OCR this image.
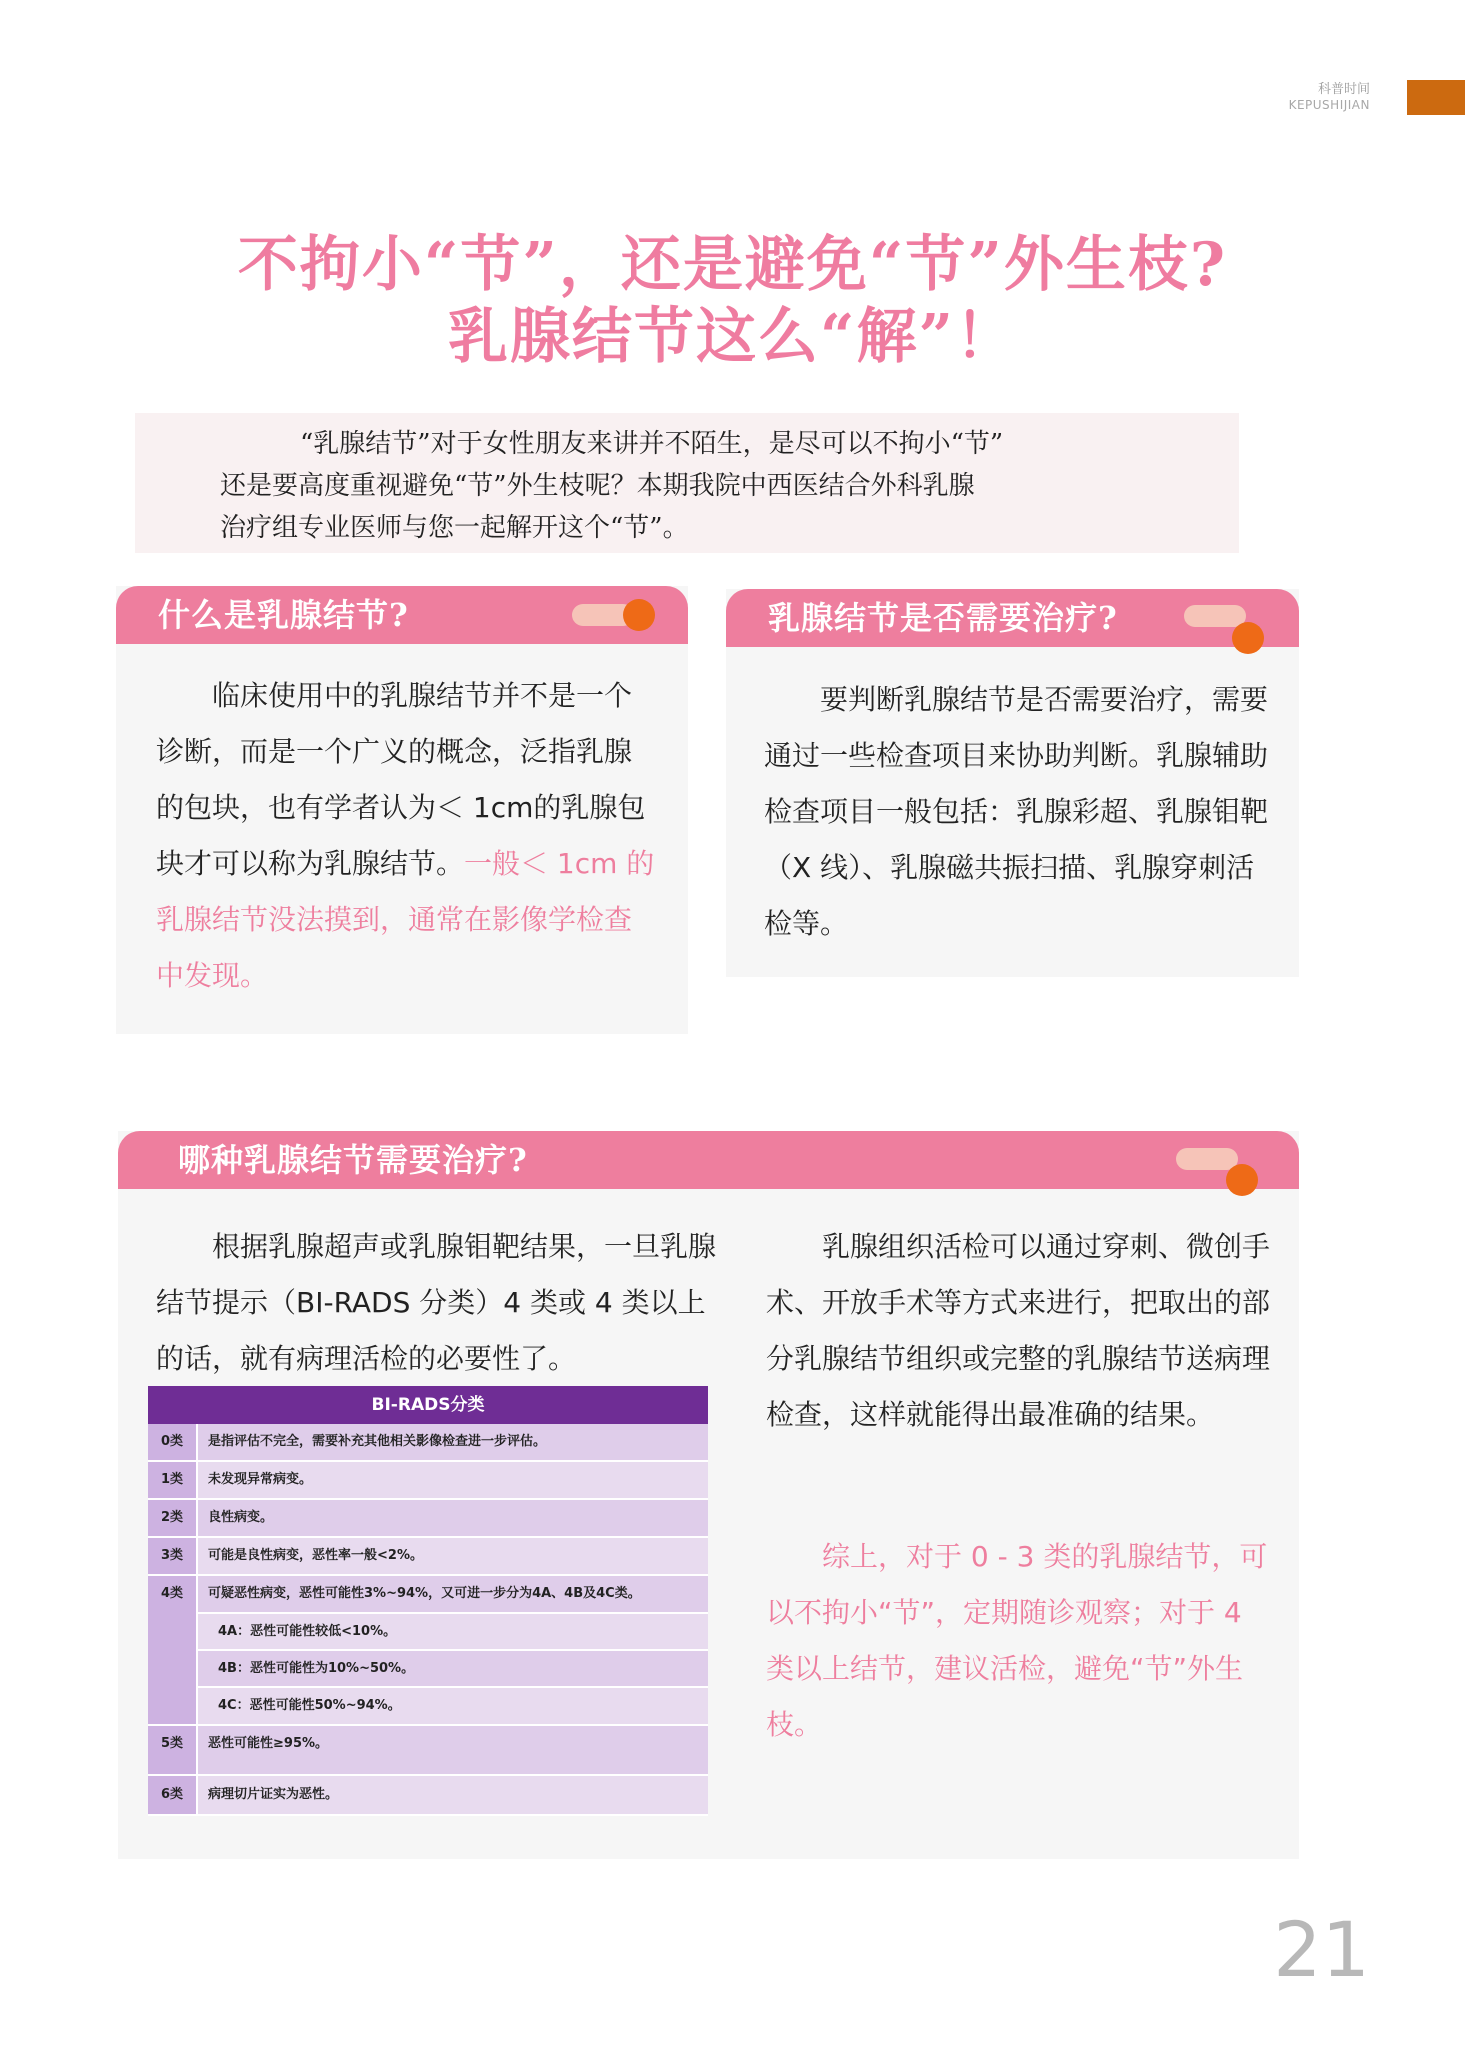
科普时间
KEPUSHIJIAN
不拘小“节”，还是避免“节”外生枝?
乳腺结节这么“解”！

“乳腺结节”对于女性朋友来讲并不陌生，是尽可以不拘小“节”

还是要高度重视避免“节”外生枝呢？本期我院中西医结合外科乳腺

治疗组专业医师与您一起解开这个“节”。

什么是乳腺结节?

临床使用中的乳腺结节并不是一个诊断，而是一个广义的概念，泛指乳腺的包块，也有学者认为＜ 1cm的乳腺包块才可以称为乳腺结节。一般＜ 1cm 的乳腺结节没法摸到，通常在影像学检查中发现。

乳腺结节是否需要治疗?

要判断乳腺结节是否需要治疗，需要通过一些检查项目来协助判断。乳腺辅助检查项目一般包括：乳腺彩超、乳腺钼靶（X 线）、乳腺磁共振扫描、乳腺穿刺活检等。

哪种乳腺结节需要治疗?

根据乳腺超声或乳腺钼靶结果，一旦乳腺结节提示（BI-RADS 分类）4 类或 4 类以上的话，就有病理活检的必要性了。

乳腺组织活检可以通过穿刺、微创手术、开放手术等方式来进行，把取出的部分乳腺结节组织或完整的乳腺结节送病理检查，这样就能得出最准确的结果。

综上，对于 0 - 3 类的乳腺结节，可以不拘小“节”，定期随诊观察；对于 4 类以上结节，建议活检，避免“节”外生枝。

BI-RADS分类
0类	是指评估不完全，需要补充其他相关影像检查进一步评估。
1类	未发现异常病变。
2类	良性病变。
3类	可能是良性病变，恶性率一般<2%。
4类	可疑恶性病变，恶性可能性3%~94%，又可进一步分为4A、4B及4C类。
4A：恶性可能性较低<10%。
4B：恶性可能性为10%~50%。
4C：恶性可能性50%~94%。
5类	恶性可能性≥95%。
6类	病理切片证实为恶性。
21
